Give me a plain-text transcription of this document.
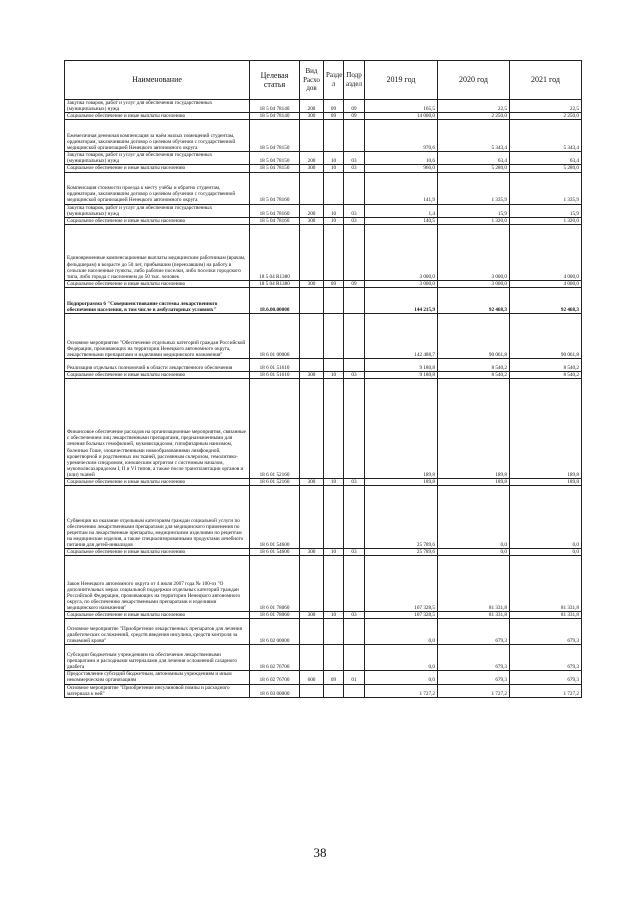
Наименование	Целевая статья	Вид Расхо дов	Разде л	Подр аздел	2019 год	2020 год	2021 год
Закупка товаров, работ и услуг для обеспечения государственных (муниципальных) нужд	18 5 04 78140	200	09	09	165,5	22,5	22,5
Социальное обеспечение и иные выплаты населению	18 5 04 78140	300	09	09	14 000,0	2 250,0	2 250,0
Ежемесячная денежная компенсация за наём жилых помещений студентам, ординаторам, заключившим договор о целевом обучении с государственной медицинской организацией Ненецкого автономного округа	18 5 04 78150				970,6	5 343,4	5 343,4
Закупка товаров, работ и услуг для обеспечения государственных (муниципальных) нужд	18 5 04 78150	200	10	03	10,6	63,4	63,4
Социальное обеспечение и иные выплаты населению	18 5 04 78150	300	10	03	960,0	5 280,0	5 280,0
Компенсация стоимости проезда к месту учёбы и обратно студентам, ординаторам, заключившим договор о целевом обучении с государственной медицинской организацией Ненецкого автономного округа	18 5 04 78160				141,9	1 335,9	1 335,9
Закупка товаров, работ и услуг для обеспечения государственных (муниципальных) нужд	18 5 04 78160	200	10	03	1,4	15,9	15,9
Социальное обеспечение и иные выплаты населению	18 5 04 78160	300	10	03	140,5	1 320,0	1 320,0
Единовременные компенсационные выплаты медицинским работникам (врачам, фельдшерам) в возрасте до 50 лет, прибывшим (переехавшим) на работу в сельские населенные пункты, либо рабочие поселки, либо поселки городского типа, либо города с населением до 50 тыс. человек	18 5 04 R1380				3 000,0	3 000,0	4 000,0
Социальное обеспечение и иные выплаты населению	18 5 04 R1380	300	09	09	3 000,0	3 000,0	4 000,0
Подпрограмма 6 "Совершенствование системы лекарственного обеспечения населения, в том числе в амбулаторных условиях"	18.6.00.00000				144 215,9	92 468,3	92 468,3
Основное мероприятие "Обеспечение отдельных категорий граждан Российской Федерации, проживающих на территории Ненецкого автономного округа, лекарственными препаратами и изделиями медицинского назначения"	18 6 01 00000				142 488,7	90 061,8	90 061,8
Реализация отдельных полномочий в области лекарственного обеспечения	18 6 01 51610				9 180,8	8 540,2	8 540,2
Социальное обеспечение и иные выплаты населению	18 6 01 51610	300	10	03	9 180,8	8 540,2	8 540,2
Финансовое обеспечение расходов на организационные мероприятия, связанные с обеспечением лиц лекарственными препаратами, предназначенными для лечения больных гемофилией, муковисцидозом, гипофизарным нанизмом, болезнью Гоше, злокачественными новообразованиями лимфоидной, кроветворной и родственных им тканей, рассеянным склерозом, гемолитико-уремическим синдромом, юношеским артритом с системным началом, мукополисахаридозом I, II и VI типов, а также после трансплантации органов и (или) тканей	18 6 01 52160				189,8	189,8	189,8
Социальное обеспечение и иные выплаты населению	18 6 01 52160	300	10	03	189,8	189,8	189,8
Субвенции на оказание отдельным категориям граждан социальной услуги по обеспечению лекарственными препаратами для медицинского применения по рецептам на лекарственные препараты, медицинскими изделиями по рецептам на медицинские изделия, а также специализированными продуктами лечебного питания для детей-инвалидов	18 6 01 54600				25 789,6	0,0	0,0
Социальное обеспечение и иные выплаты населению	18 6 01 54600	300	10	03	25 789,6	0,0	0,0
Закон Ненецкого автономного округа от 4 июля 2007 года № 100-оз "О дополнительных мерах социальной поддержки отдельных категорий граждан Российской Федерации, проживающих на территории Ненецкого автономного округа, по обеспечению лекарственными препаратами и изделиями медицинского назначения"	18 6 01 78060				107 328,5	81 331,8	81 331,8
Социальное обеспечение и иные выплаты населению	18 6 01 78060	300	10	03	107 328,5	81 331,8	81 331,8
Основное мероприятие "Приобретение лекарственных препаратов для лечения диабетических осложнений, средств введения инсулина, средств контроля за гликемией крови"	18 6 02 00000				0,0	679,3	679,3
Субсидии бюджетным учреждениям на обеспечение лекарственными препаратами и расходными материалами для лечения осложнений сахарного диабета	18 6 02 76700				0,0	679,3	679,3
Предоставление субсидий бюджетным, автономным учреждениям и иным некоммерческим организациям	18 6 02 76700	600	09	01	0,0	679,3	679,3
Основное мероприятие "Приобретение инсулиновой помпы и расходного материала к ней"	18 6 03 00000				1 727,2	1 727,2	1 727,2
38
